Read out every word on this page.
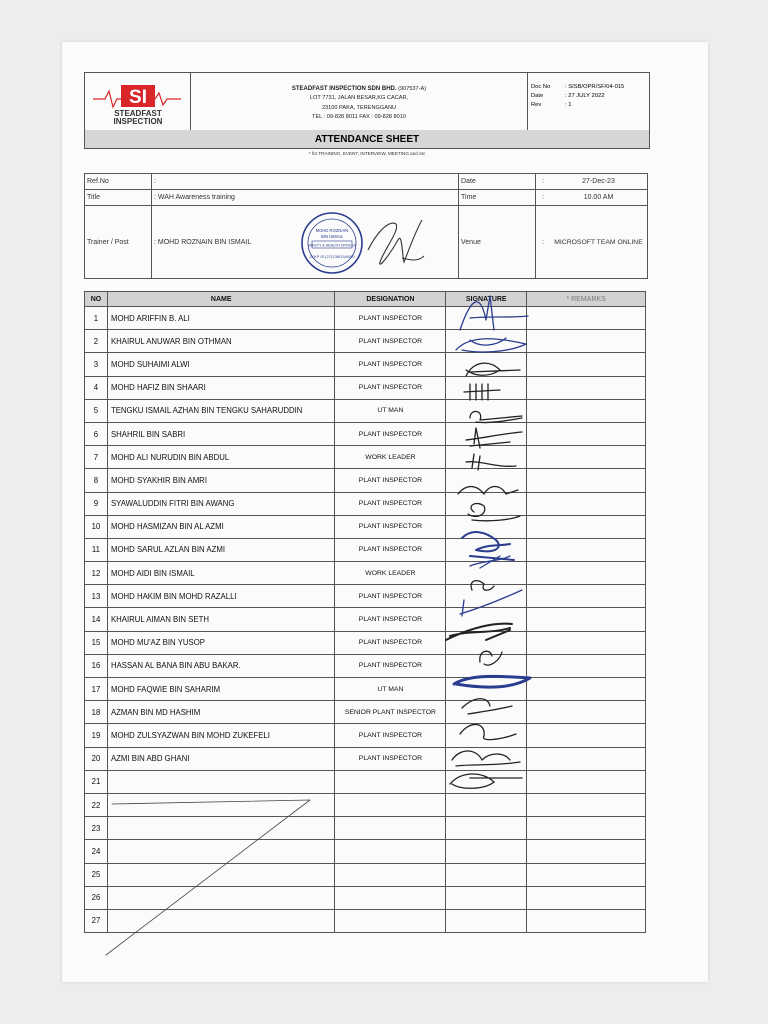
SI
STEADFAST
INSPECTION

STEADFAST INSPECTION SDN BHD. (907537-A)
LOT 7731, JALAN BESAR,KG CACAR,
23100 PAKA, TERENGGANU
TEL : 09-828 8011 FAX : 09-828 8010

Doc No	: SISB/OPR/SF/04-015
Date	: 27 JULY 2022
Rev	: 1
ATTENDANCE SHEET
* for TRAINING, EVENT, INTERVIEW, MEETING and etc
Ref.No	:	Date	:	27-Dec-23
Title	: WAH Awareness training	Time	:	10.00 AM
Trainer / Post	: MOHD ROZNAIN BIN ISMAIL
MOHD ROZNAIN
BIN ISMAIL
SAFETY & HEALTH OFFICER
JKKP IS (27)138/13/0450	Venue	:	MICROSOFT TEAM ONLINE
NO	NAME	DESIGNATION	SIGNATURE	* REMARKS
1	MOHD ARIFFIN B. ALI	PLANT INSPECTOR		
2	KHAIRUL ANUWAR BIN OTHMAN	PLANT INSPECTOR		
3	MOHD SUHAIMI ALWI	PLANT INSPECTOR		
4	MOHD HAFIZ BIN SHAARI	PLANT INSPECTOR		
5	TENGKU ISMAIL AZHAN BIN TENGKU SAHARUDDIN	UT MAN		
6	SHAHRIL BIN SABRI	PLANT INSPECTOR		
7	MOHD ALI NURUDIN BIN ABDUL	WORK LEADER		
8	MOHD SYAKHIR BIN AMRI	PLANT INSPECTOR		
9	SYAWALUDDIN FITRI BIN AWANG	PLANT INSPECTOR		
10	MOHD HASMIZAN BIN AL AZMI	PLANT INSPECTOR		
11	MOHD SARUL AZLAN BIN AZMI	PLANT INSPECTOR		
12	MOHD AIDI BIN ISMAIL	WORK LEADER		
13	MOHD HAKIM BIN MOHD RAZALLI	PLANT INSPECTOR		
14	KHAIRUL AIMAN BIN SETH	PLANT INSPECTOR		
15	MOHD MU'AZ BIN YUSOP	PLANT INSPECTOR		
16	HASSAN AL BANA BIN ABU BAKAR.	PLANT INSPECTOR		
17	MOHD FAQWIE BIN SAHARIM	UT MAN		
18	AZMAN BIN MD HASHIM	SENIOR PLANT INSPECTOR		
19	MOHD ZULSYAZWAN BIN MOHD ZUKEFELI	PLANT INSPECTOR		
20	AZMI BIN ABD GHANI	PLANT INSPECTOR		
21				
22				
23				
24				
25				
26				
27				
